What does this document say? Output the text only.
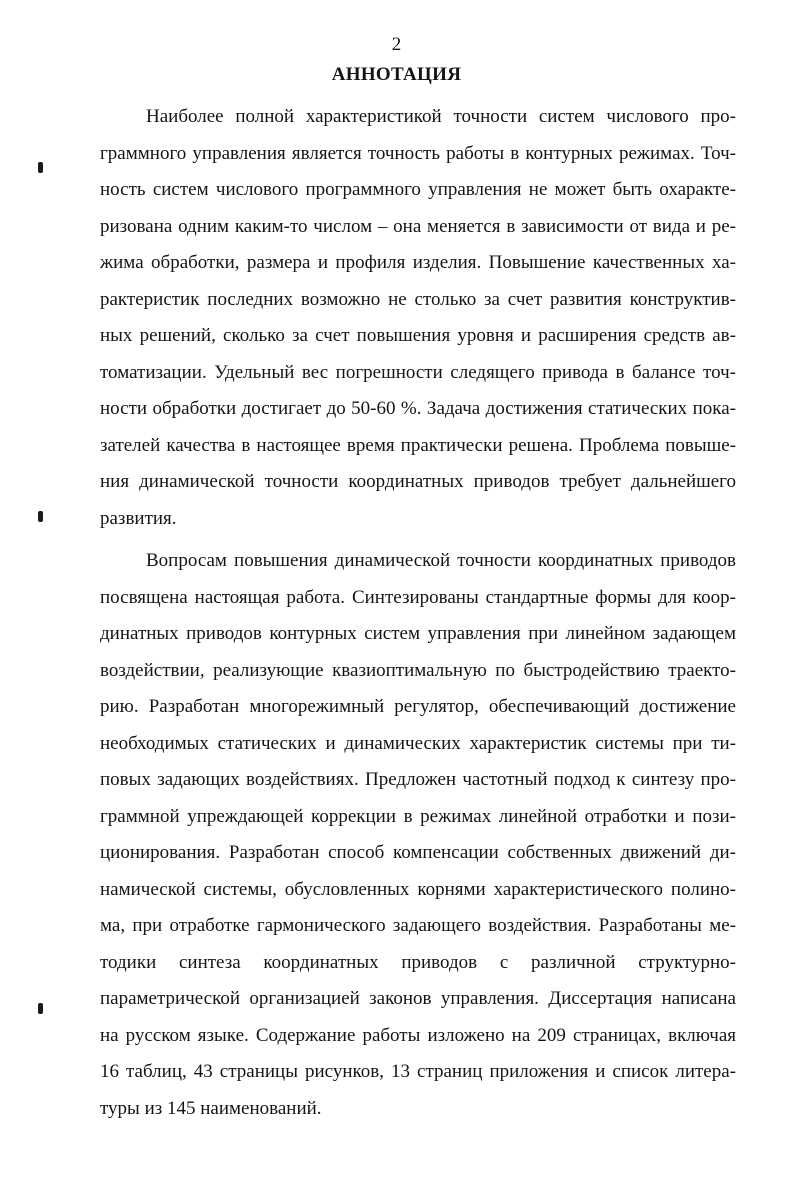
2
АННОТАЦИЯ

Наиболее полной характеристикой точности систем числового про-
граммного управления является точность работы в контурных режимах. Точ-
ность систем числового программного управления не может быть охаракте-
ризована одним каким-то числом – она меняется в зависимости от вида и ре-
жима обработки, размера и профиля изделия. Повышение качественных ха-
рактеристик последних возможно не столько за счет развития конструктив-
ных решений, сколько за счет повышения уровня и расширения средств ав-
томатизации. Удельный вес погрешности следящего привода в балансе точ-
ности обработки достигает до 50-60 %. Задача достижения статических пока-
зателей качества в настоящее время практически решена. Проблема повыше-
ния динамической точности координатных приводов требует дальнейшего
развития.

Вопросам повышения динамической точности координатных приводов
посвящена настоящая работа. Синтезированы стандартные формы для коор-
динатных приводов контурных систем управления при линейном задающем
воздействии, реализующие квазиоптимальную по быстродействию траекто-
рию. Разработан многорежимный регулятор, обеспечивающий достижение
необходимых статических и динамических характеристик системы при ти-
повых задающих воздействиях. Предложен частотный подход к синтезу про-
граммной упреждающей коррекции в режимах линейной отработки и пози-
ционирования. Разработан способ компенсации собственных движений ди-
намической системы, обусловленных корнями характеристического полино-
ма, при отработке гармонического задающего воздействия. Разработаны ме-
тодики синтеза координатных приводов с различной структурно-
параметрической организацией законов управления. Диссертация написана
на русском языке. Содержание работы изложено на 209 страницах, включая
16 таблиц, 43 страницы рисунков, 13 страниц приложения и список литера-
туры из 145 наименований.
